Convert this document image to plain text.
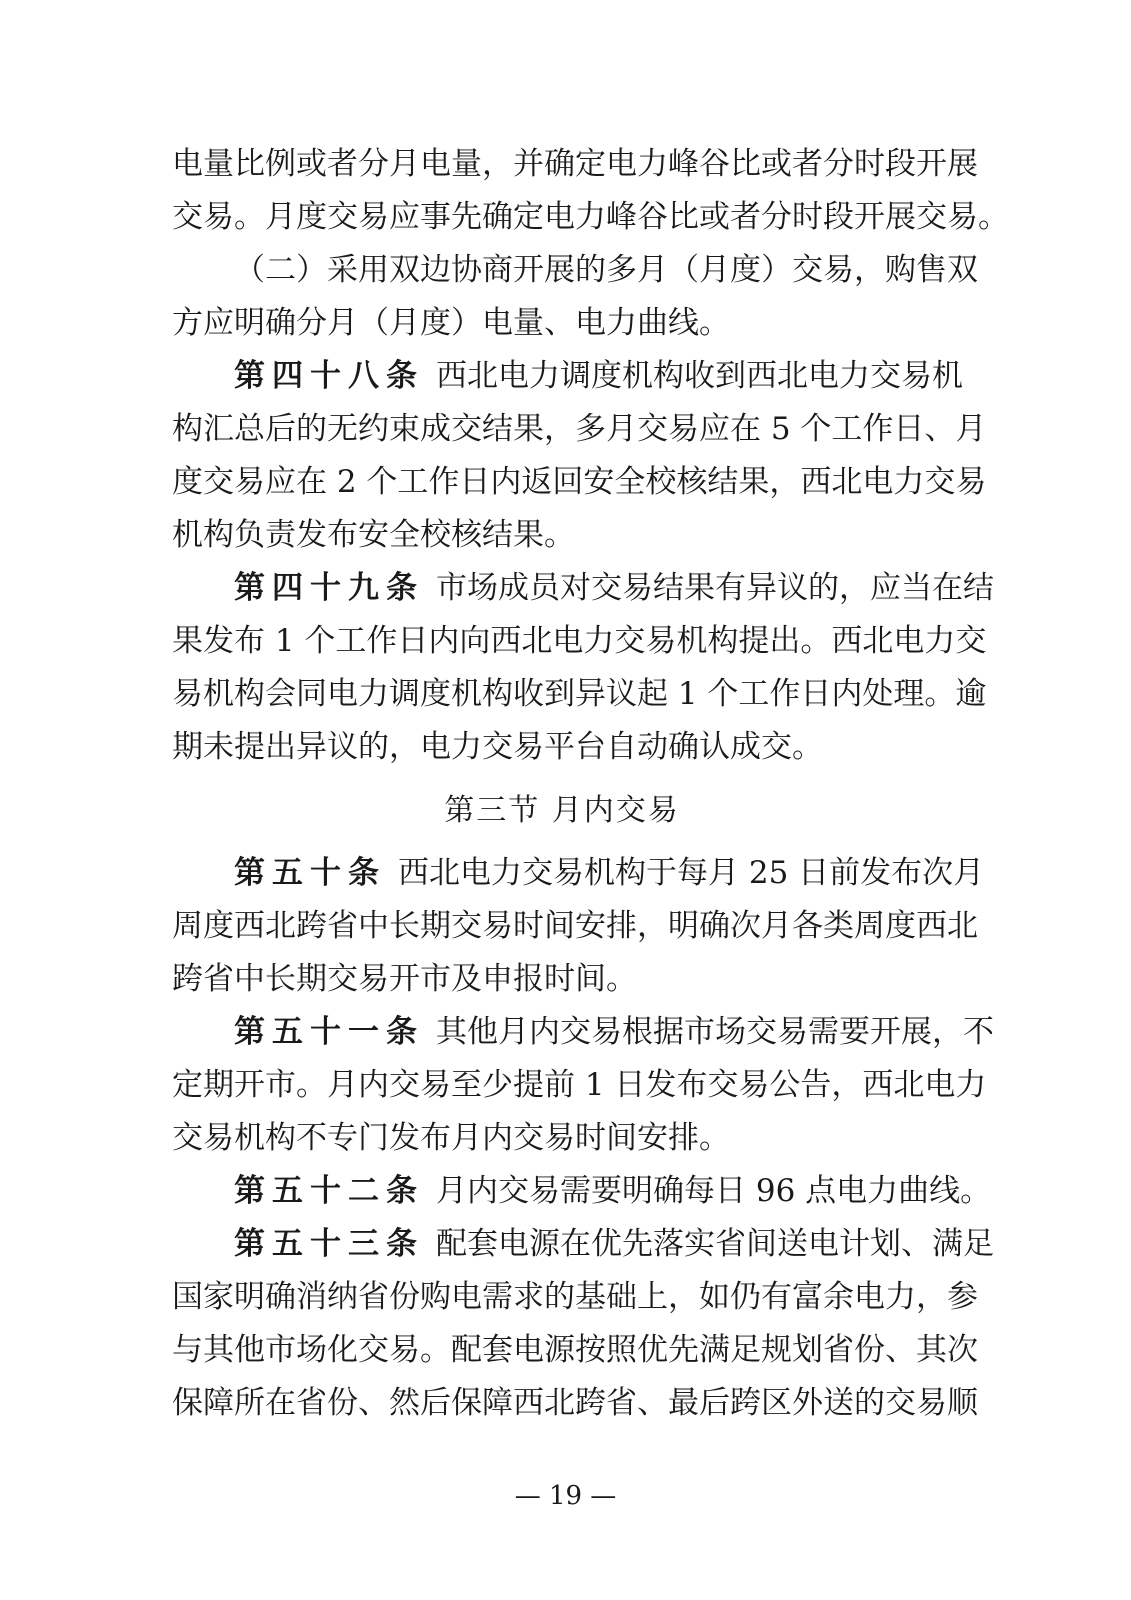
电量比例或者分月电量，并确定电力峰谷比或者分时段开展
交易。月度交易应事先确定电力峰谷比或者分时段开展交易。
（二）采用双边协商开展的多月（月度）交易，购售双
方应明确分月（月度）电量、电力曲线。
第四十八条 西北电力调度机构收到西北电力交易机
构汇总后的无约束成交结果，多月交易应在 5 个工作日、月
度交易应在 2 个工作日内返回安全校核结果，西北电力交易
机构负责发布安全校核结果。
第四十九条 市场成员对交易结果有异议的，应当在结
果发布 1 个工作日内向西北电力交易机构提出。西北电力交
易机构会同电力调度机构收到异议起 1 个工作日内处理。逾
期未提出异议的，电力交易平台自动确认成交。
第三节 月内交易
第五十条 西北电力交易机构于每月 25 日前发布次月
周度西北跨省中长期交易时间安排，明确次月各类周度西北
跨省中长期交易开市及申报时间。
第五十一条 其他月内交易根据市场交易需要开展，不
定期开市。月内交易至少提前 1 日发布交易公告，西北电力
交易机构不专门发布月内交易时间安排。
第五十二条 月内交易需要明确每日 96 点电力曲线。
第五十三条 配套电源在优先落实省间送电计划、满足
国家明确消纳省份购电需求的基础上，如仍有富余电力，参
与其他市场化交易。配套电源按照优先满足规划省份、其次
保障所在省份、然后保障西北跨省、最后跨区外送的交易顺
— 19 —
